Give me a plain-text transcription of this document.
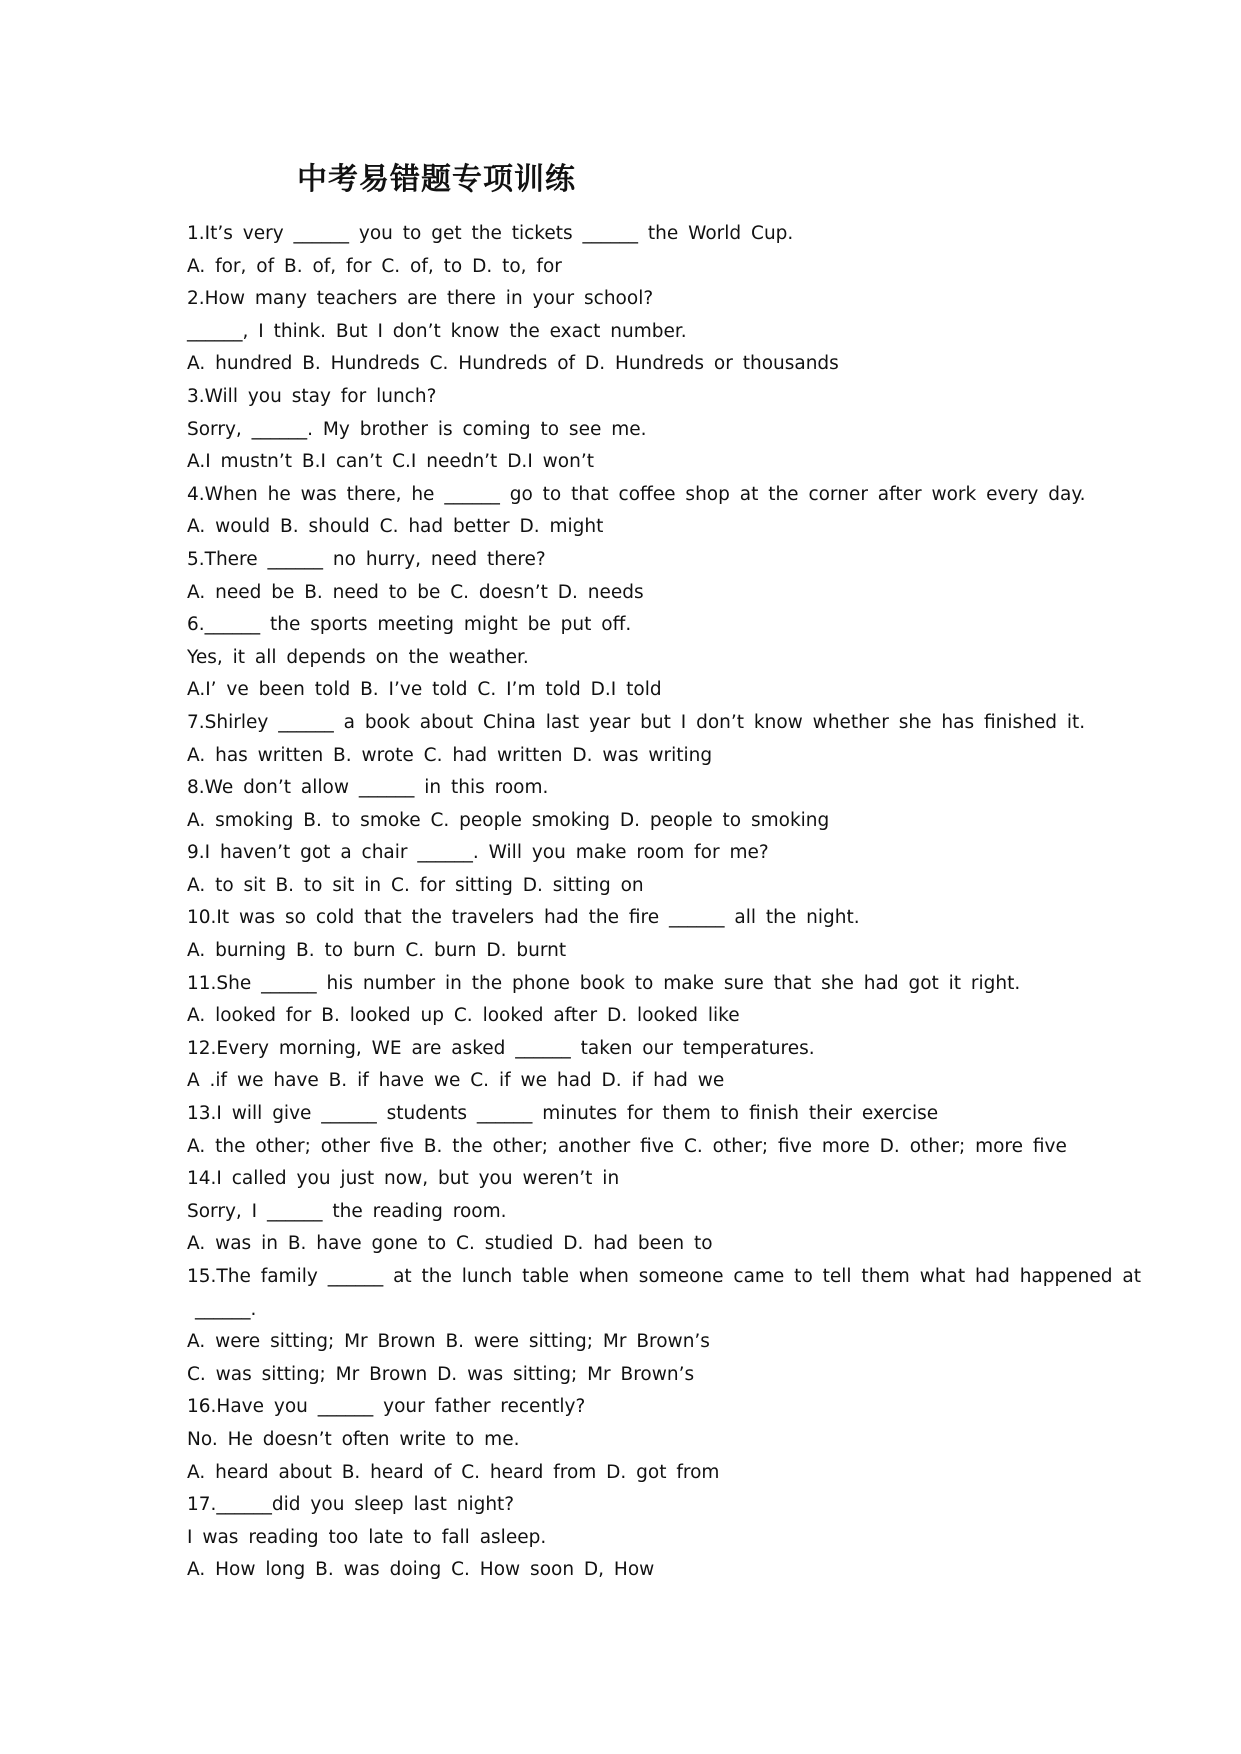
中考易错题专项训练
1.It’s very ______ you to get the tickets ______ the World Cup.
A. for, of B. of, for C. of, to D. to, for
2.How many teachers are there in your school?
______, I think. But I don’t know the exact number.
A. hundred B. Hundreds C. Hundreds of D. Hundreds or thousands
3.Will you stay for lunch?
Sorry, ______. My brother is coming to see me.
A.I mustn’t B.I can’t C.I needn’t D.I won’t
4.When he was there, he ______ go to that coffee shop at the corner after work every day.
A. would B. should C. had better D. might
5.There ______ no hurry, need there?
A. need be B. need to be C. doesn’t D. needs
6.______ the sports meeting might be put off.
Yes, it all depends on the weather.
A.I’ ve been told B. I’ve told C. I’m told D.I told
7.Shirley ______ a book about China last year but I don’t know whether she has finished it.
A. has written B. wrote C. had written D. was writing
8.We don’t allow ______ in this room.
A. smoking B. to smoke C. people smoking D. people to smoking
9.I haven’t got a chair ______. Will you make room for me?
A. to sit B. to sit in C. for sitting D. sitting on
10.It was so cold that the travelers had the fire ______ all the night.
A. burning B. to burn C. burn D. burnt
11.She ______ his number in the phone book to make sure that she had got it right.
A. looked for B. looked up C. looked after D. looked like
12.Every morning, WE are asked ______ taken our temperatures.
A .if we have B. if have we C. if we had D. if had we
13.I will give ______ students ______ minutes for them to finish their exercise
A. the other; other five B. the other; another five C. other; five more D. other; more five
14.I called you just now, but you weren’t in
Sorry, I ______ the reading room.
A. was in B. have gone to C. studied D. had been to
15.The family ______ at the lunch table when someone came to tell them what had happened at
______.
A. were sitting; Mr Brown B. were sitting; Mr Brown’s
C. was sitting; Mr Brown D. was sitting; Mr Brown’s
16.Have you ______ your father recently?
No. He doesn’t often write to me.
A. heard about B. heard of C. heard from D. got from
17.______did you sleep last night?
I was reading too late to fall asleep.
A. How long B. was doing C. How soon D, How
